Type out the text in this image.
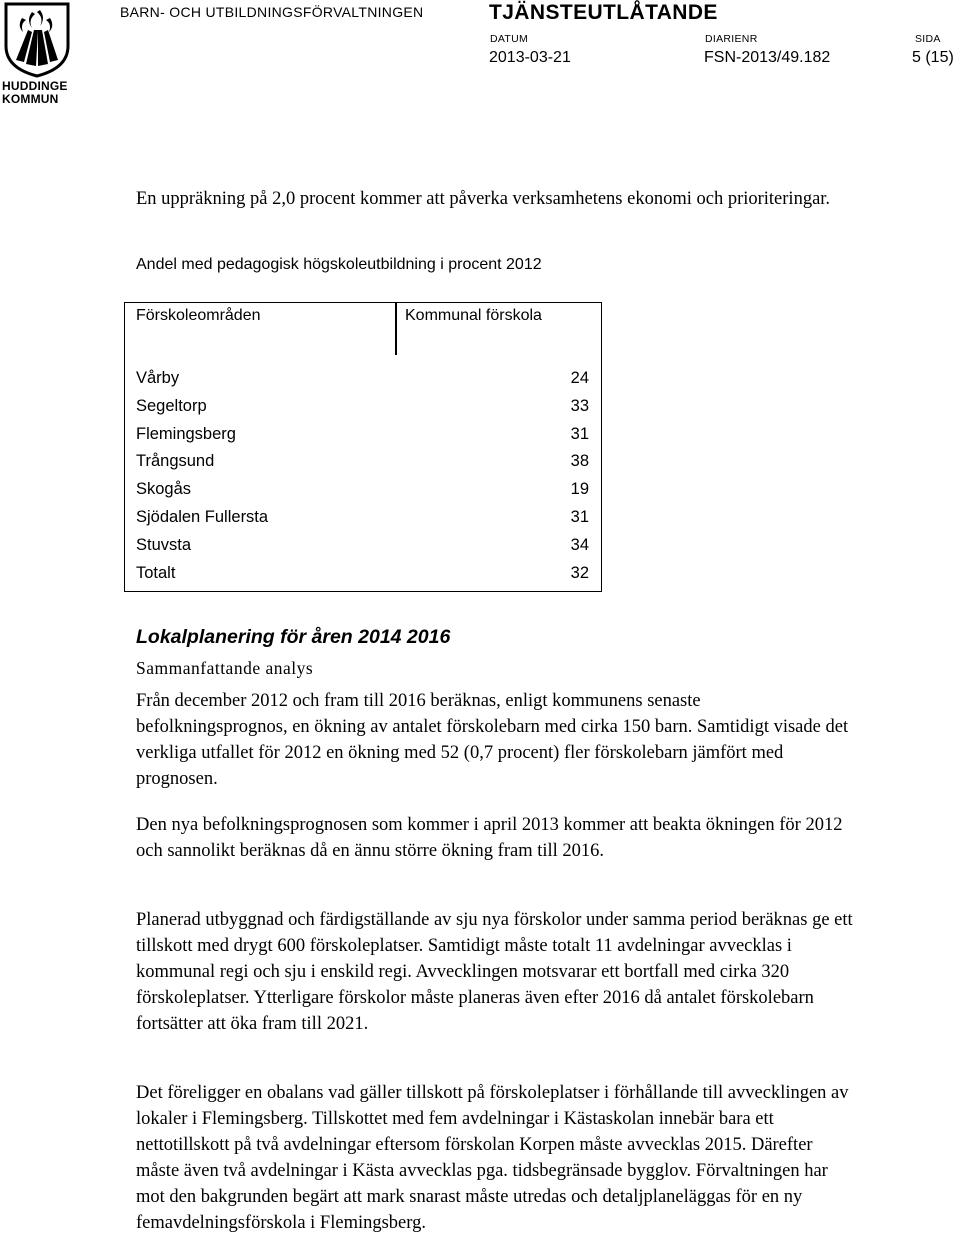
HUDDINGE
KOMMUN
BARN- OCH UTBILDNINGSFÖRVALTNINGEN	TJÄNSTEUTLÅTANDE
DATUM
2013-03-21
DIARIENR
FSN-2013/49.182
SIDA
5 (15)
En uppräkning på 2,0 procent kommer att påverka verksamhetens ekonomi och prioriteringar.
Andel med pedagogisk högskoleutbildning i procent 2012
Förskoleområden	Kommunal förskola
Vårby	24
Segeltorp	33
Flemingsberg	31
Trångsund	38
Skogås	19
Sjödalen Fullersta	31
Stuvsta	34
Totalt	32
Lokalplanering för åren 2014 2016
Sammanfattande analys
Från december 2012 och fram till 2016 beräknas, enligt kommunens senaste befolkningsprognos, en ökning av antalet förskolebarn med cirka 150 barn. Samtidigt visade det verkliga utfallet för 2012 en ökning med 52 (0,7 procent) fler förskolebarn jämfört med prognosen.
Den nya befolkningsprognosen som kommer i april 2013 kommer att beakta ökningen för 2012 och sannolikt beräknas då en ännu större ökning fram till 2016.
Planerad utbyggnad och färdigställande av sju nya förskolor under samma period beräknas ge ett tillskott med drygt 600 förskoleplatser. Samtidigt måste totalt 11 avdelningar avvecklas i kommunal regi och sju i enskild regi. Avvecklingen motsvarar ett bortfall med cirka 320 förskoleplatser. Ytterligare förskolor måste planeras även efter 2016 då antalet förskolebarn fortsätter att öka fram till 2021.
Det föreligger en obalans vad gäller tillskott på förskoleplatser i förhållande till avvecklingen av lokaler i Flemingsberg. Tillskottet med fem avdelningar i Kästaskolan innebär bara ett nettotillskott på två avdelningar eftersom förskolan Korpen måste avvecklas 2015. Därefter måste även två avdelningar i Kästa avvecklas pga. tidsbegränsade bygglov. Förvaltningen har mot den bakgrunden begärt att mark snarast måste utredas och detaljplaneläggas för en ny femavdelningsförskola i Flemingsberg.
